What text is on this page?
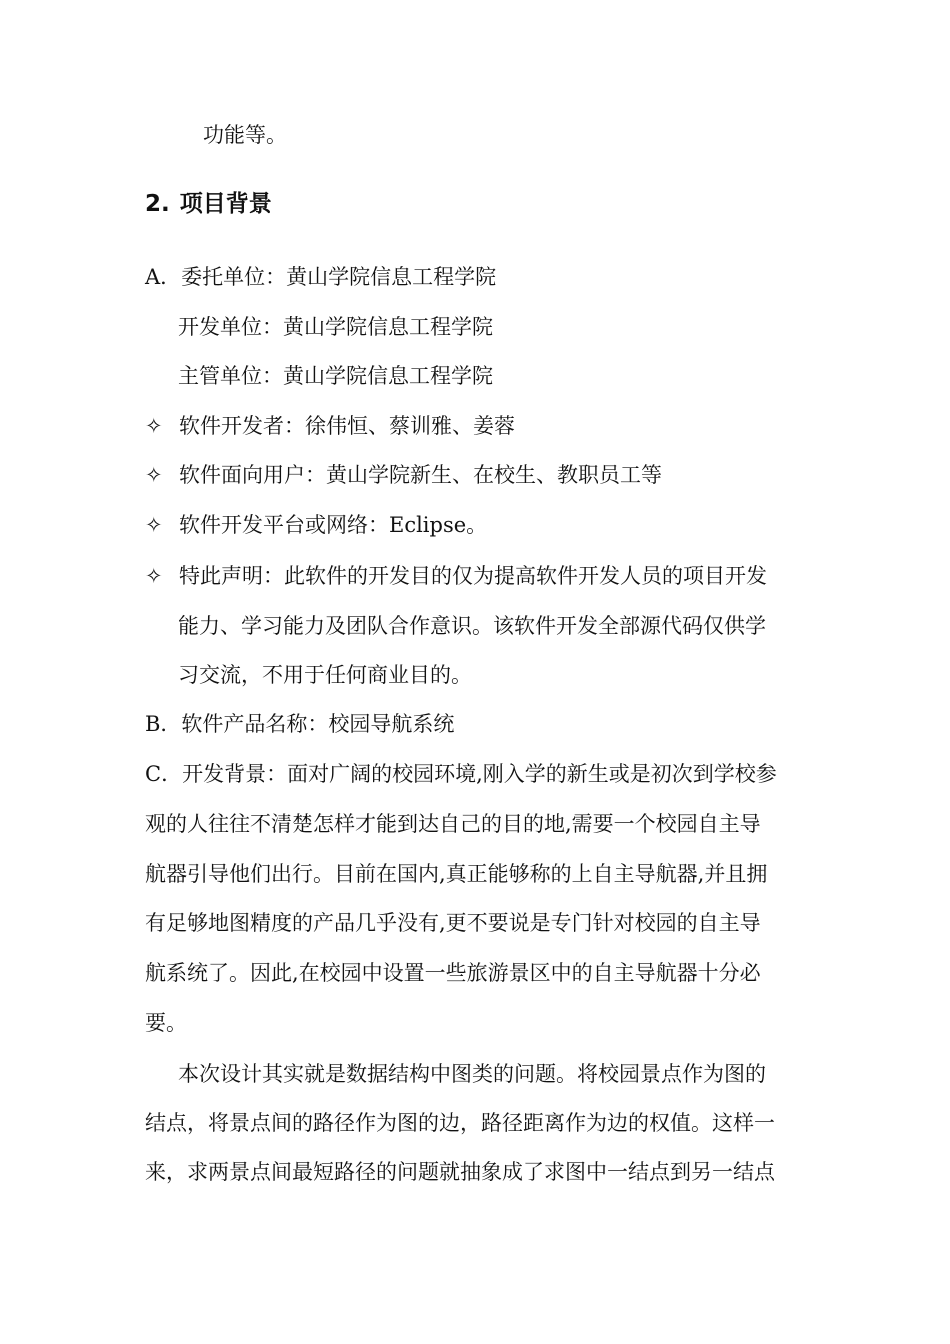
功能等。
2. 项目背景
A．委托单位：黄山学院信息工程学院
开发单位：黄山学院信息工程学院
主管单位：黄山学院信息工程学院
✧ 软件开发者：徐伟恒、蔡训雅、姜蓉
✧ 软件面向用户：黄山学院新生、在校生、教职员工等
✧ 软件开发平台或网络：Eclipse。
✧ 特此声明：此软件的开发目的仅为提高软件开发人员的项目开发
能力、学习能力及团队合作意识。该软件开发全部源代码仅供学
习交流，不用于任何商业目的。
B．软件产品名称：校园导航系统
C．开发背景：面对广阔的校园环境,刚入学的新生或是初次到学校参
观的人往往不清楚怎样才能到达自己的目的地,需要一个校园自主导
航器引导他们出行。目前在国内,真正能够称的上自主导航器,并且拥
有足够地图精度的产品几乎没有,更不要说是专门针对校园的自主导
航系统了。因此,在校园中设置一些旅游景区中的自主导航器十分必
要。
本次设计其实就是数据结构中图类的问题。将校园景点作为图的
结点，将景点间的路径作为图的边，路径距离作为边的权值。这样一
来，求两景点间最短路径的问题就抽象成了求图中一结点到另一结点
